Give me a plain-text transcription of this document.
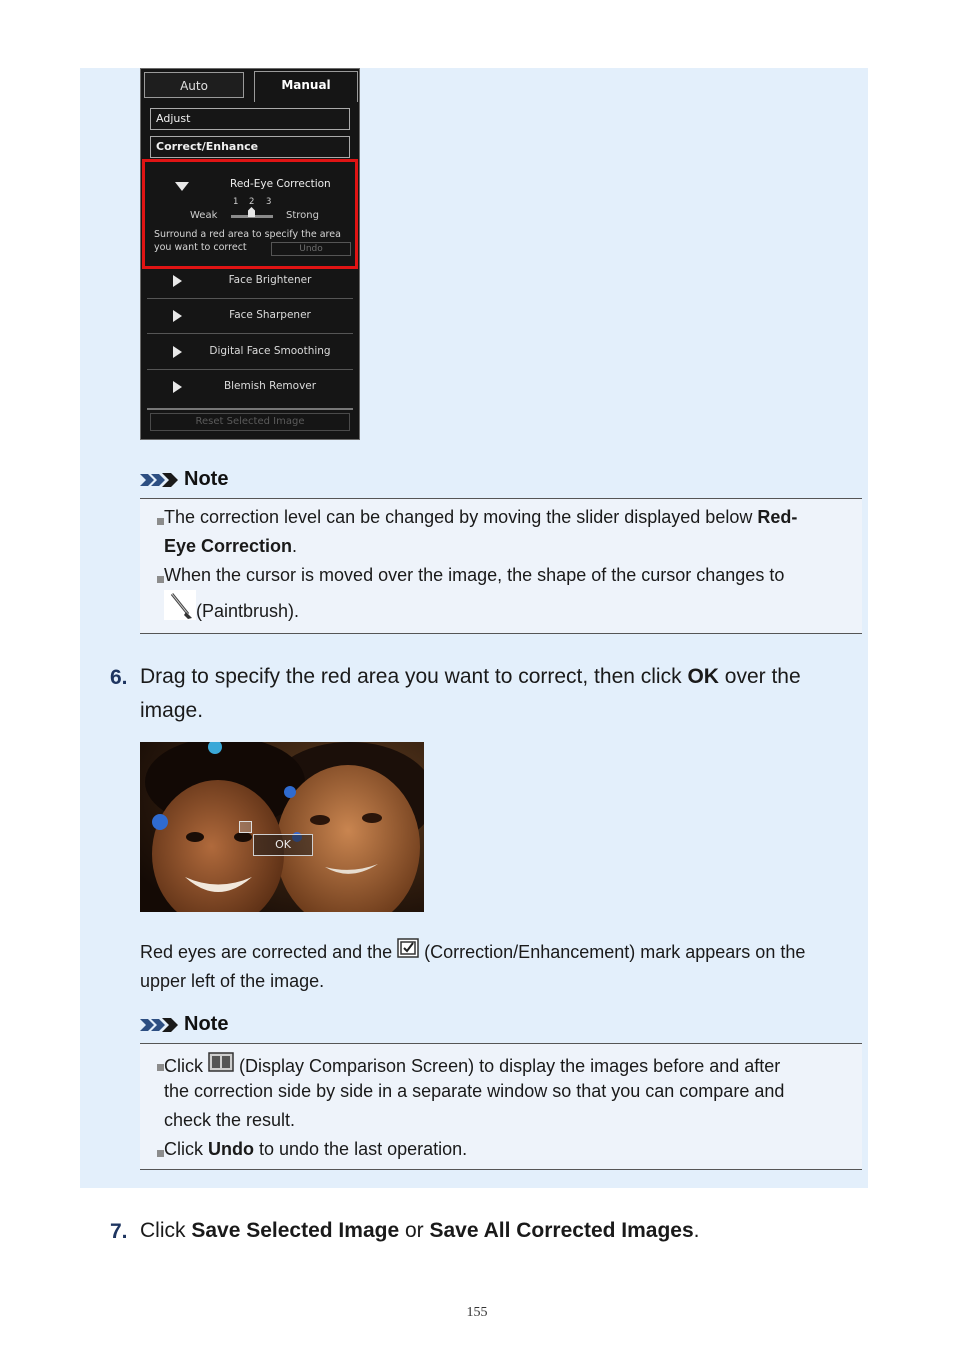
Auto	Manual
Adjust
Correct/Enhance
Red-Eye Correction
Weak
1 2 3
Strong
Surround a red area to specify the area you want to correct	Undo
Face Brightener
Face Sharpener
Digital Face Smoothing
Blemish Remover
Reset Selected Image
Note
The correction level can be changed by moving the slider displayed below Red-
Eye Correction.
When the cursor is moved over the image, the shape of the cursor changes to
(Paintbrush).
6. Drag to specify the red area you want to correct, then click OK over the
image.
OK
Red eyes are corrected and the  (Correction/Enhancement) mark appears on the
upper left of the image.
Note
Click  (Display Comparison Screen) to display the images before and after
the correction side by side in a separate window so that you can compare and
check the result.
Click Undo to undo the last operation.
7. Click Save Selected Image or Save All Corrected Images.
155
